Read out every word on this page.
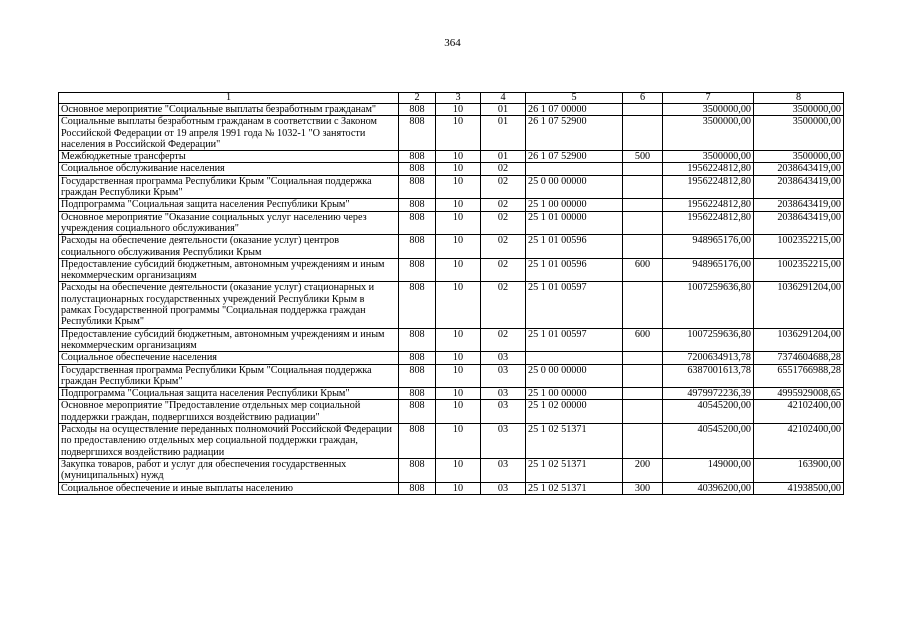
364
1	2	3	4	5	6	7	8
Основное мероприятие "Социальные выплаты безработным гражданам"	808	10	01	26 1 07 00000		3500000,00	3500000,00
Социальные выплаты безработным гражданам в соответствии с Законом Российской Федерации от 19 апреля 1991 года № 1032-1 "О занятости населения в Российской Федерации"	808	10	01	26 1 07 52900		3500000,00	3500000,00
Межбюджетные трансферты	808	10	01	26 1 07 52900	500	3500000,00	3500000,00
Социальное обслуживание населения	808	10	02			1956224812,80	2038643419,00
Государственная программа Республики Крым "Социальная поддержка граждан Республики Крым"	808	10	02	25 0 00 00000		1956224812,80	2038643419,00
Подпрограмма "Социальная защита населения Республики Крым"	808	10	02	25 1 00 00000		1956224812,80	2038643419,00
Основное мероприятие "Оказание социальных услуг населению через учреждения социального обслуживания"	808	10	02	25 1 01 00000		1956224812,80	2038643419,00
Расходы на обеспечение деятельности (оказание услуг) центров социального обслуживания Республики Крым	808	10	02	25 1 01 00596		948965176,00	1002352215,00
Предоставление субсидий бюджетным, автономным учреждениям и иным некоммерческим организациям	808	10	02	25 1 01 00596	600	948965176,00	1002352215,00
Расходы на обеспечение деятельности (оказание услуг) стационарных и полустационарных государственных учреждений Республики Крым в рамках Государственной программы "Социальная поддержка граждан Республики Крым"	808	10	02	25 1 01 00597		1007259636,80	1036291204,00
Предоставление субсидий бюджетным, автономным учреждениям и иным некоммерческим организациям	808	10	02	25 1 01 00597	600	1007259636,80	1036291204,00
Социальное обеспечение населения	808	10	03			7200634913,78	7374604688,28
Государственная программа Республики Крым "Социальная поддержка граждан Республики Крым"	808	10	03	25 0 00 00000		6387001613,78	6551766988,28
Подпрограмма "Социальная защита населения Республики Крым"	808	10	03	25 1 00 00000		4979972236,39	4995929008,65
Основное мероприятие "Предоставление отдельных мер социальной поддержки граждан, подвергшихся воздействию радиации"	808	10	03	25 1 02 00000		40545200,00	42102400,00
Расходы на осуществление переданных полномочий Российской Федерации по предоставлению отдельных мер социальной поддержки граждан, подвергшихся воздействию радиации	808	10	03	25 1 02 51371		40545200,00	42102400,00
Закупка товаров, работ и услуг для обеспечения государственных (муниципальных) нужд	808	10	03	25 1 02 51371	200	149000,00	163900,00
Социальное обеспечение и иные выплаты населению	808	10	03	25 1 02 51371	300	40396200,00	41938500,00
